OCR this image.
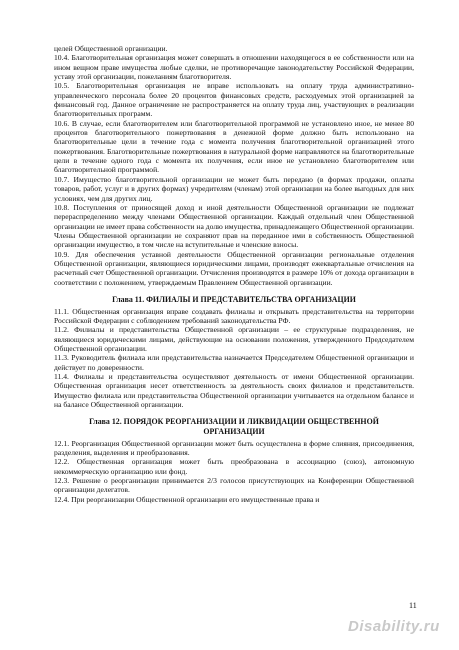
целей Общественной организации.

10.4. Благотворительная организация может совершать в отношении находящегося в ее собственности или на ином вещном праве имущества любые сделки, не противоречащие законодательству Российской Федерации, уставу этой организации, пожеланиям благотворителя.

10.5. Благотворительная организация не вправе использовать на оплату труда административно-управленческого персонала более 20 процентов финансовых средств, расходуемых этой организацией за финансовый год. Данное ограничение не распространяется на оплату труда лиц, участвующих в реализации благотворительных программ.

10.6. В случае, если благотворителем или благотворительной программой не установлено иное, не менее 80 процентов благотворительного пожертвования в денежной форме должно быть использовано на благотворительные цели в течение года с момента получения благотворительной организацией этого пожертвования. Благотворительные пожертвования в натуральной форме направляются на благотворительные цели в течение одного года с момента их получения, если иное не установлено благотворителем или благотворительной программой.

10.7. Имущество благотворительной организации не может быть передано (в формах продажи, оплаты товаров, работ, услуг и в других формах) учредителям (членам) этой организации на более выгодных для них условиях, чем для других лиц.

10.8. Поступления от приносящей доход и иной деятельности Общественной организации не подлежат перераспределению между членами Общественной организации. Каждый отдельный член Общественной организации не имеет права собственности на долю имущества, принадлежащего Общественной организации. Члены Общественной организации не сохраняют прав на переданное ими в собственность Общественной организации имущество, в том числе на вступительные и членские взносы.

10.9. Для обеспечения уставной деятельности Общественной организации региональные отделения Общественной организации, являющиеся юридическими лицами, производят ежеквартальные отчисления на расчетный счет Общественной организации. Отчисления производятся в размере 10% от дохода организации в соответствии с положением, утверждаемым Правлением Общественной организации.

Глава 11. ФИЛИАЛЫ И ПРЕДСТАВИТЕЛЬСТВА ОРГАНИЗАЦИИ

11.1. Общественная организация вправе создавать филиалы и открывать представительства на территории Российской Федерации с соблюдением требований законодательства РФ.

11.2. Филиалы и представительства Общественной организации – ее структурные подразделения, не являющиеся юридическими лицами, действующие на основании положения, утвержденного Председателем Общественной организации.

11.3. Руководитель филиала или представительства назначается Председателем Общественной организации и действует по доверенности.

11.4. Филиалы и представительства осуществляют деятельность от имени Общественной организации. Общественная организация несет ответственность за деятельность своих филиалов и представительств. Имущество филиала или представительства Общественной организации учитывается на отдельном балансе и на балансе Общественной организации.

Глава 12. ПОРЯДОК РЕОРГАНИЗАЦИИ И ЛИКВИДАЦИИ ОБЩЕСТВЕННОЙ
ОРГАНИЗАЦИИ

12.1. Реорганизация Общественной организации может быть осуществлена в форме слияния, присоединения, разделения, выделения и преобразования.

12.2. Общественная организация может быть преобразована в ассоциацию (союз), автономную некоммерческую организацию или фонд.

12.3. Решение о реорганизации принимается 2/3 голосов присутствующих на Конференции Общественной организации делегатов.

12.4. При реорганизации Общественной организации его имущественные права и

11
Disability.ru
